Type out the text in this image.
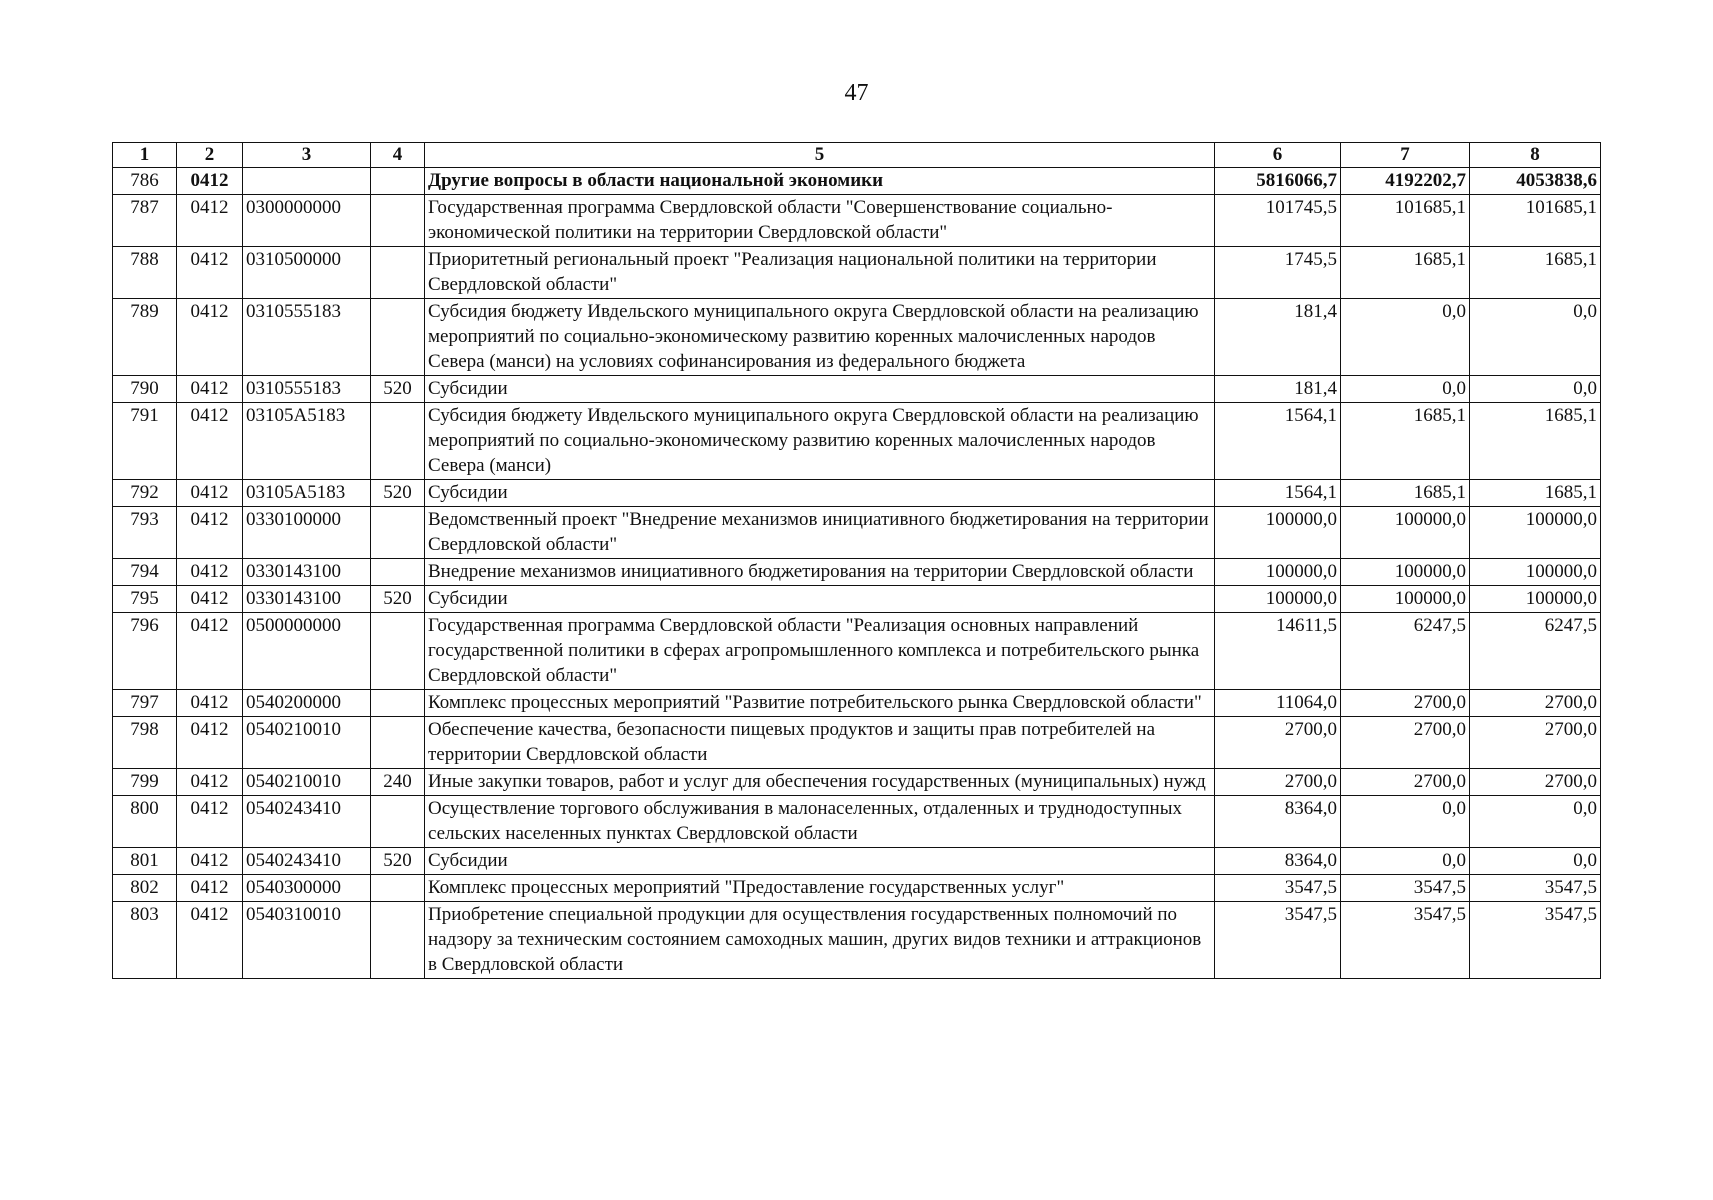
47
1	2	3	4	5	6	7	8
786	0412			Другие вопросы в области национальной экономики	5816066,7	4192202,7	4053838,6
787	0412	0300000000		Государственная программа Свердловской области "Совершенствование социально-экономической политики на территории Свердловской области"	101745,5	101685,1	101685,1
788	0412	0310500000		Приоритетный региональный проект "Реализация национальной политики на территории Свердловской области"	1745,5	1685,1	1685,1
789	0412	0310555183		Субсидия бюджету Ивдельского муниципального округа Свердловской области на реализацию мероприятий по социально-экономическому развитию коренных малочисленных народов Севера (манси) на условиях софинансирования из федерального бюджета	181,4	0,0	0,0
790	0412	0310555183	520	Субсидии	181,4	0,0	0,0
791	0412	03105А5183		Субсидия бюджету Ивдельского муниципального округа Свердловской области на реализацию мероприятий по социально-экономическому развитию коренных малочисленных народов Севера (манси)	1564,1	1685,1	1685,1
792	0412	03105А5183	520	Субсидии	1564,1	1685,1	1685,1
793	0412	0330100000		Ведомственный проект "Внедрение механизмов инициативного бюджетирования на территории Свердловской области"	100000,0	100000,0	100000,0
794	0412	0330143100		Внедрение механизмов инициативного бюджетирования на территории Свердловской области	100000,0	100000,0	100000,0
795	0412	0330143100	520	Субсидии	100000,0	100000,0	100000,0
796	0412	0500000000		Государственная программа Свердловской области "Реализация основных направлений государственной политики в сферах агропромышленного комплекса и потребительского рынка Свердловской области"	14611,5	6247,5	6247,5
797	0412	0540200000		Комплекс процессных мероприятий "Развитие потребительского рынка Свердловской области"	11064,0	2700,0	2700,0
798	0412	0540210010		Обеспечение качества, безопасности пищевых продуктов и защиты прав потребителей на территории Свердловской области	2700,0	2700,0	2700,0
799	0412	0540210010	240	Иные закупки товаров, работ и услуг для обеспечения государственных (муниципальных) нужд	2700,0	2700,0	2700,0
800	0412	0540243410		Осуществление торгового обслуживания в малонаселенных, отдаленных и труднодоступных сельских населенных пунктах Свердловской области	8364,0	0,0	0,0
801	0412	0540243410	520	Субсидии	8364,0	0,0	0,0
802	0412	0540300000		Комплекс процессных мероприятий "Предоставление государственных услуг"	3547,5	3547,5	3547,5
803	0412	0540310010		Приобретение специальной продукции для осуществления государственных полномочий по надзору за техническим состоянием самоходных машин, других видов техники и аттракционов в Свердловской области	3547,5	3547,5	3547,5
